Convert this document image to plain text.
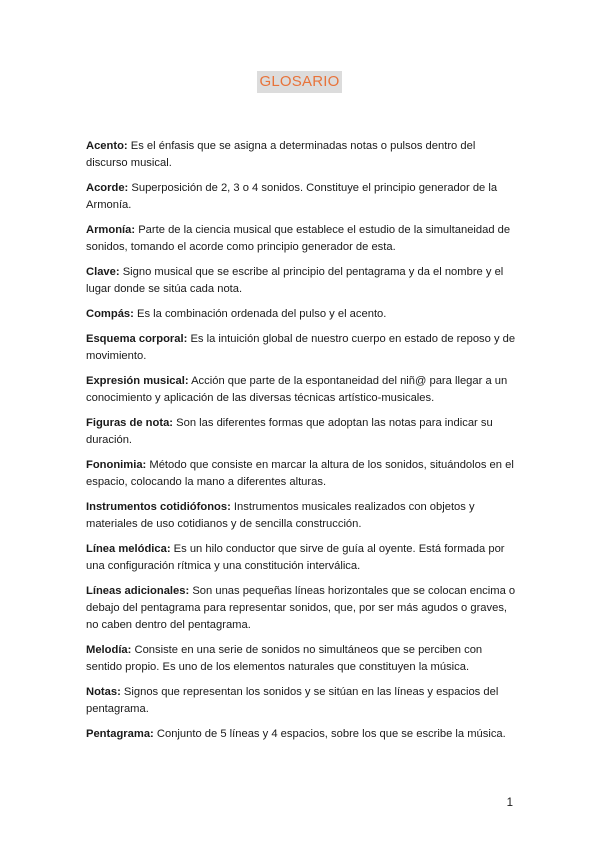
GLOSARIO

Acento: Es el énfasis que se asigna a determinadas notas o pulsos dentro del discurso musical.

Acorde: Superposición de 2, 3 o 4 sonidos. Constituye el principio generador de la Armonía.

Armonía: Parte de la ciencia musical que establece el estudio de la simultaneidad de sonidos, tomando el acorde como principio generador de esta.

Clave: Signo musical que se escribe al principio del pentagrama y da el nombre y el lugar donde se sitúa cada nota.

Compás: Es la combinación ordenada del pulso y el acento.

Esquema corporal: Es la intuición global de nuestro cuerpo en estado de reposo y de movimiento.

Expresión musical: Acción que parte de la espontaneidad del niñ@ para llegar a un conocimiento y aplicación de las diversas técnicas artístico-musicales.

Figuras de nota: Son las diferentes formas que adoptan las notas para indicar su duración.

Fononimia: Método que consiste en marcar la altura de los sonidos, situándolos en el espacio, colocando la mano a diferentes alturas.

Instrumentos cotidiófonos: Instrumentos musicales realizados con objetos y materiales de uso cotidianos y de sencilla construcción.

Línea melódica: Es un hilo conductor que sirve de guía al oyente. Está formada por una configuración rítmica y una constitución interválica.

Líneas adicionales: Son unas pequeñas líneas horizontales que se colocan encima o debajo del pentagrama para representar sonidos, que, por ser más agudos o graves, no caben dentro del pentagrama.

Melodía: Consiste en una serie de sonidos no simultáneos que se perciben con sentido propio. Es uno de los elementos naturales que constituyen la música.

Notas: Signos que representan los sonidos y se sitúan en las líneas y espacios del pentagrama.

Pentagrama: Conjunto de 5 líneas y 4 espacios, sobre los que se escribe la música.

1
